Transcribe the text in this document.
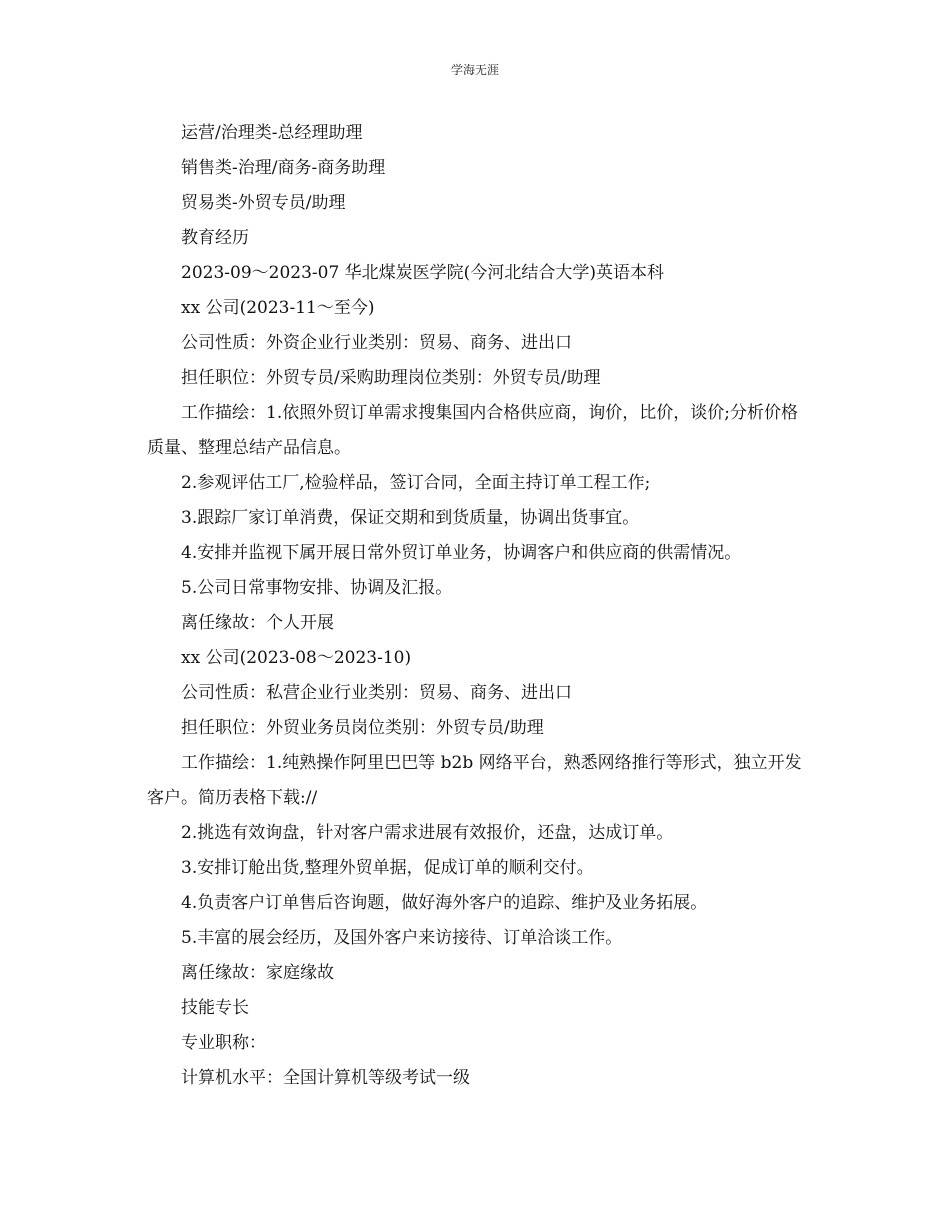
学海无涯

运营/治理类-总经理助理

销售类-治理/商务-商务助理

贸易类-外贸专员/助理

教育经历

2023-09～2023-07 华北煤炭医学院(今河北结合大学)英语本科

xx 公司(2023-11～至今)

公司性质：外资企业行业类别：贸易、商务、进出口

担任职位：外贸专员/采购助理岗位类别：外贸专员/助理

工作描绘：1.依照外贸订单需求搜集国内合格供应商，询价，比价，谈价;分析价格质量、整理总结产品信息。

2.参观评估工厂,检验样品，签订合同，全面主持订单工程工作;

3.跟踪厂家订单消费，保证交期和到货质量，协调出货事宜。

4.安排并监视下属开展日常外贸订单业务，协调客户和供应商的供需情况。

5.公司日常事物安排、协调及汇报。

离任缘故：个人开展

xx 公司(2023-08～2023-10)

公司性质：私营企业行业类别：贸易、商务、进出口

担任职位：外贸业务员岗位类别：外贸专员/助理

工作描绘：1.纯熟操作阿里巴巴等 b2b 网络平台，熟悉网络推行等形式，独立开发客户。简历表格下载://

2.挑选有效询盘，针对客户需求进展有效报价，还盘，达成订单。

3.安排订舱出货,整理外贸单据，促成订单的顺利交付。

4.负责客户订单售后咨询题，做好海外客户的追踪、维护及业务拓展。

5.丰富的展会经历，及国外客户来访接待、订单洽谈工作。

离任缘故：家庭缘故

技能专长

专业职称：

计算机水平：全国计算机等级考试一级
